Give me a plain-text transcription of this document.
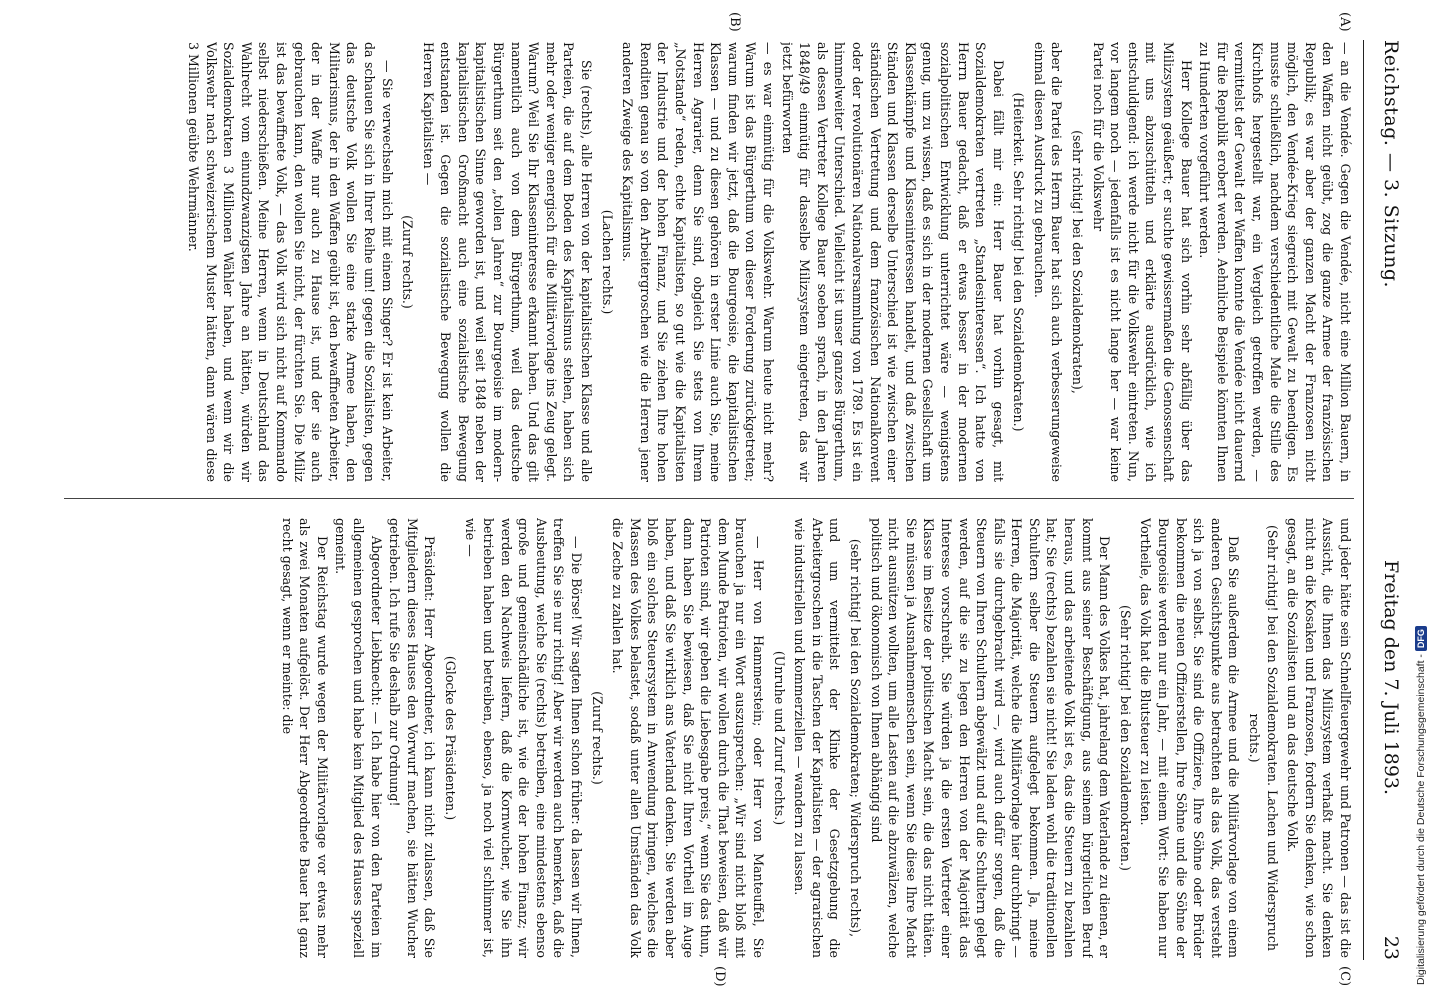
Reichstag. — 3. Sitzung.
Freitag den 7. Juli 1893.
23
(A)
(B)
(C)
(D)

— an die Vendée. Gegen die Vendée, nicht eine Million Bauern, in den Waffen nicht geübt, zog die ganze Armee der französischen Republik; es war aber der ganzen Macht der Franzosen nicht möglich, den Vendée-Krieg siegreich mit Gewalt zu beendigen. Es musste schließlich, nachdem verschiedentliche Male die Stille des Kirchhofs hergestellt war, ein Vergleich getroffen werden, — vermittelst der Gewalt der Waffen konnte die Vendée nicht dauernd für die Republik erobert werden. Aehnliche Beispiele könnten Ihnen zu Hunderten vorgeführt werden.

Herr Kollege Bauer hat sich vorhin sehr abfällig über das Milizsystem geäußert; er suchte gewissermaßen die Genossenschaft mit uns abzuschütteln und erklärte ausdrücklich, wie ich entschuldigend: ich werde nicht für die Volkswehr eintreten. Nun, vor langem noch — jedenfalls ist es nicht lange her — war keine Partei noch für die Volkswehr

(sehr richtig! bei den Sozialdemokraten),

aber die Partei des Herrn Bauer hat sich auch verbesserungeweise einmal diesen Ausdruck zu gebrauchen.

(Heiterkeit. Sehr richtig! bei den Sozialdemokraten.)

Dabei fällt mir ein: Herr Bauer hat vorhin gesagt, mit Sozialdemokraten vertreten „Standesinteressen“. Ich hatte von Herrn Bauer gedacht, daß er etwas besser in der modernen sozialpolitischen Entwicklung unterrichtet wäre — wenigstens genug, um zu wissen, daß es sich in der modernen Gesellschaft um Klassenkämpfe und Klasseninteressen handelt, und daß zwischen Ständen und Klassen derselbe Unterschied ist wie zwischen einer ständischen Vertretung und dem französischen Nationalkonvent oder der revolutionären Nationalversammlung von 1789. Es ist ein himmelweiter Unterschied. Vielleicht ist unser ganzes Bürgerthum, als dessen Vertreter Kollege Bauer soeben sprach, in den Jahren 1848/49 einmütig für dasselbe Milizsystem eingetreten, das wir jetzt befürworten

— es war einmütig für die Volkswehr. Warum heute nicht mehr? Warum ist das Bürgerthum von dieser Forderung zurückgetreten; warum finden wir jetzt, daß die Bourgeoisie, die kapitalistischen Klassen — und zu diesen gehören in erster Linie auch Sie, meine Herren Agrarier, denn Sie sind, obgleich Sie stets von Ihrem „Notstande“ reden, echte Kapitalisten, so gut wie die Kapitalisten der Industrie und der hohen Finanz, und Sie ziehen Ihre hohen Renditen genau so von den Arbeitergroschen wie die Herren jener anderen Zweige des Kapitalismus.

(Lachen rechts.)

Sie (rechts), alle Herren von der kapitalistischen Klasse und alle Parteien, die auf dem Boden des Kapitalismus stehen, haben sich mehr oder weniger energisch für die Militärvorlage ins Zeug gelegt. Warum? Weil Sie Ihr Klasseninteresse erkannt haben. Und das gilt namentlich auch von dem Bürgerthum, weil das deutsche Bürgerthum seit den „tollen Jahren“ zur Bourgeoisie im modern-kapitalistischen Sinne geworden ist, und weil seit 1848 neben der kapitalistischen Großmacht auch eine sozialistische Bewegung entstanden ist. Gegen die sozialistische Bewegung wollen die Herren Kapitalisten —

(Zuruf rechts.)

— Sie verwechseln mich mit einem Singer? Er ist kein Arbeiter, da schauen Sie sich in Ihrer Reihe um! gegen die Sozialisten, gegen das deutsche Volk wollen Sie eine starke Armee haben, den Militarismus, der in den Waffen geübt ist, den bewaffneten Arbeiter, der in der Waffe nur auch zu Hause ist, und der sie auch gebrauchen kann, den wollen Sie nicht, der fürchten Sie. Die Miliz ist das bewaffnete Volk, — das Volk wird sich nicht auf Kommando selbst niederschießen. Meine Herren, wenn in Deutschland das Wahlrecht vom einundzwanzigsten Jahre an hätten, würden wir Sozialdemokraten 3 Millionen Wähler haben, und wenn wir die Volkswehr nach schweizerischem Muster hätten, dann wären diese 3 Millionen geübte Wehrmänner.

und jeder hätte sein Schnellfeuergewehr und Patronen — das ist die Aussicht, die Ihnen das Milizsystem verhaßt macht. Sie denken nicht an die Kosaken und Franzosen, fordern Sie denken, wie schon gesagt, an die Sozialisten und an das deutsche Volk.

(Sehr richtig! bei den Sozialdemokraten. Lachen und Widerspruch rechts.)

Daß Sie außerdem die Armee und die Militärvorlage von einem anderen Gesichtspunkte aus betrachten als das Volk, das versteht sich ja von selbst. Sie sind die Offiziere, Ihre Söhne oder Brüder bekommen die neuen Offizierstellen, Ihre Söhne und die Söhne der Bourgeoisie werden nur ein Jahr, — mit einem Wort: Sie haben nur Vortheile, das Volk hat die Blutsteuer zu leisten.

(Sehr richtig! bei den Sozialdemokraten.)

Der Mann des Volkes hat, jahrelang dem Vaterlande zu dienen, er kommt aus seiner Beschäftigung, aus seinem bürgerlichen Beruf heraus, und das arbeitende Volk ist es, das die Steuern zu bezahlen hat; Sie (rechts) bezahlen sie nicht! Sie laden wohl die traditionellen Schultern selber die Steuern aufgelegt bekommen. Ja, meine Herren, die Majorität, welche die Militärvorlage hier durchbringt — falls sie durchgebracht wird —, wird auch dafür sorgen, daß die Steuern von Ihren Schultern abgewälzt und auf die Schultern gelegt werden, auf die sie zu legen den Herren von der Majorität das Interesse vorschreibt. Sie würden ja die ersten Vertreter einer Klasse im Besitze der politischen Macht sein, die das nicht thäten. Sie müssen ja Ausnahmemenschen sein, wenn Sie diese Ihre Macht nicht ausnützen wollten, um alle Lasten auf die abzuwälzen, welche politisch und ökonomisch von Ihnen abhängig sind

(sehr richtig! bei den Sozialdemokraten; Widerspruch rechts),

und um vermittelst der Klinke der Gesetzgebung die Arbeitergroschen in die Taschen der Kapitalisten — der agrarischen wie industriellen und kommerziellen — wandern zu lassen.

(Unruhe und Zuruf rechts.)

— Herr von Hammerstein; oder Herr von Manteuffel, Sie brauchen ja nur ein Wort auszusprechen: „Wir sind nicht bloß mit dem Munde Patrioten, wir wollen durch die That beweisen, daß wir Patrioten sind, wir geben die Liebesgabe preis,“ wenn Sie das thun, dann haben Sie bewiesen, daß Sie nicht Ihren Vortheil im Auge haben, und daß Sie wirklich ans Vaterland denken. Sie werden aber bloß ein solches Steuersystem in Anwendung bringen, welches die Massen des Volkes belastet, sodaß unter allen Umständen das Volk die Zeche zu zahlen hat.

(Zuruf rechts.)

— Die Börse! Wir sagten Ihnen schon früher: da lassen wir Ihnen, treffen Sie sie nur richtig! Aber wir werden auch bemerken, daß die Ausbeutung, welche Sie (rechts) betreiben, eine mindestens ebenso große und gemeinschädliche ist, wie die der hohen Finanz; wir werden den Nachweis liefern, daß die Kornwucher, wie Sie ihn betrieben haben und betreiben, ebenso, ja noch viel schlimmer ist, wie —

(Glocke des Präsidenten.)

Präsident: Herr Abgeordneter, ich kann nicht zulassen, daß Sie Mitgliedern dieses Hauses den Vorwurf machen, sie hätten Wucher getrieben. Ich rufe Sie deshalb zur Ordnung!

Abgeordneter Liebknecht: — Ich habe hier von den Parteien im allgemeinen gesprochen und habe kein Mitglied des Hauses speziell gemeint.

Der Reichstag wurde wegen der Militärvorlage vor etwas mehr als zwei Monaten aufgelöst. Der Herr Abgeordnete Bauer hat ganz recht gesagt, wenn er meinte: die

Digitalisierung gefördert durch die Deutsche Forschungsgemeinschaft -DFG
